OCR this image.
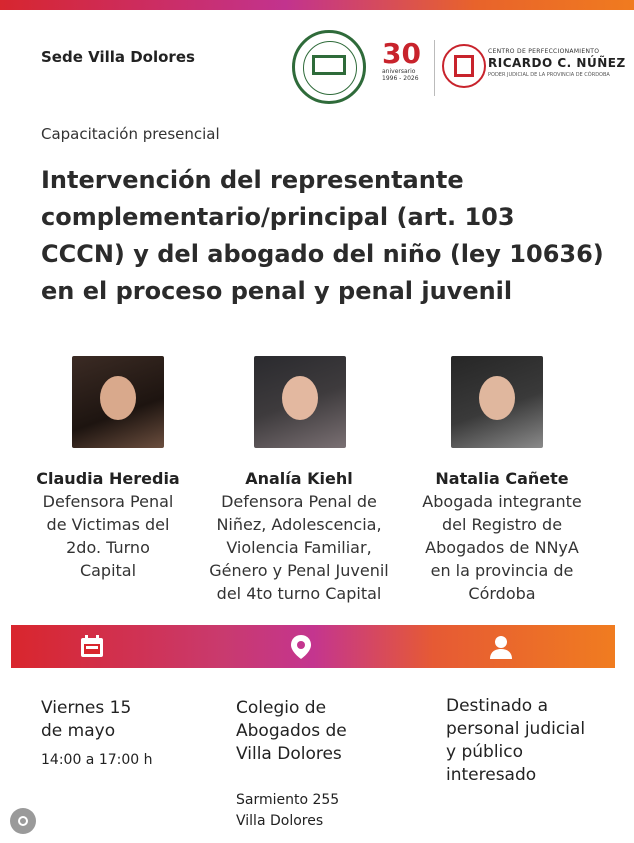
Sede Villa Dolores	30
aniversario
1996 - 2026
CENTRO DE PERFECCIONAMIENTO
RICARDO C. NÚÑEZ
PODER JUDICIAL DE LA PROVINCIA DE CÓRDOBA
Capacitación presencial
Intervención del representante
complementario/principal (art. 103
CCCN) y del abogado del niño (ley 10636)
en el proceso penal y penal juvenil
Claudia Heredia
Defensora Penal
de Victimas del
2do. Turno
Capital
Analía Kiehl
Defensora Penal de
Niñez, Adolescencia,
Violencia Familiar,
Género y Penal Juvenil
del 4to turno Capital
Natalia Cañete
Abogada integrante
del Registro de
Abogados de NNyA
en la provincia de
Córdoba
Viernes 15
de mayo
14:00 a 17:00 h
Colegio de
Abogados de
Villa Dolores
Sarmiento 255
Villa Dolores
Destinado a
personal judicial
y público
interesado
